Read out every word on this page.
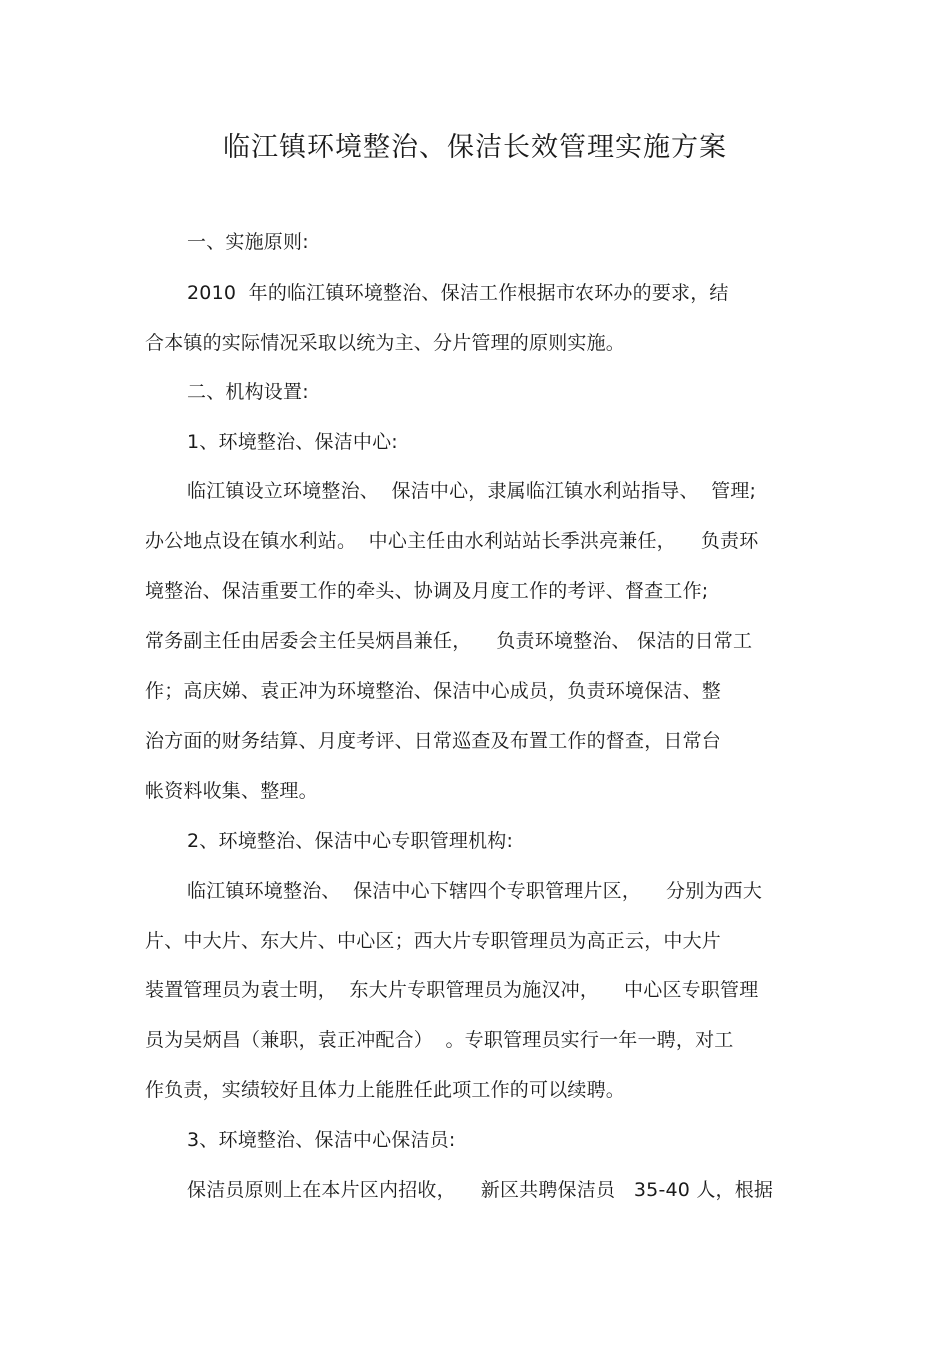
临江镇环境整治、保洁长效管理实施方案
一、实施原则:
2010  年的临江镇环境整治、保洁工作根据市农环办的要求，结
合本镇的实际情况采取以统为主、分片管理的原则实施。
二、机构设置:
1、环境整治、保洁中心:
临江镇设立环境整治、  保洁中心，隶属临江镇水利站指导、  管理;
办公地点设在镇水利站。  中心主任由水利站站长季洪亮兼任，    负责环
境整治、保洁重要工作的牵头、协调及月度工作的考评、督查工作;
常务副主任由居委会主任吴炳昌兼任，    负责环境整治、 保洁的日常工
作；高庆娣、袁正冲为环境整治、保洁中心成员，负责环境保洁、整
治方面的财务结算、月度考评、日常巡查及布置工作的督查，日常台
帐资料收集、整理。
2、环境整治、保洁中心专职管理机构:
临江镇环境整治、  保洁中心下辖四个专职管理片区，    分别为西大
片、中大片、东大片、中心区；西大片专职管理员为高正云，中大片
装置管理员为袁士明，  东大片专职管理员为施汉冲，    中心区专职管理
员为吴炳昌（兼职，袁正冲配合）  。专职管理员实行一年一聘，对工
作负责，实绩较好且体力上能胜任此项工作的可以续聘。
3、环境整治、保洁中心保洁员:
保洁员原则上在本片区内招收，    新区共聘保洁员   35-40 人，根据
